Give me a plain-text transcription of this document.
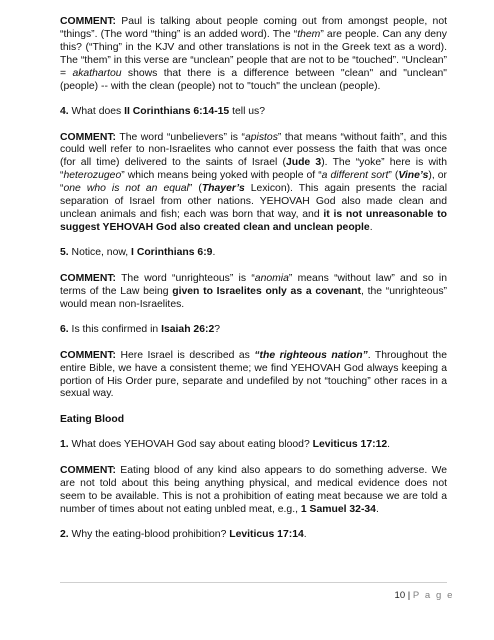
COMMENT: Paul is talking about people coming out from amongst people, not “things”. (The word “thing” is an added word). The “them” are people. Can any deny this? (“Thing” in the KJV and other translations is not in the Greek text as a word). The “them” in this verse are “unclean” people that are not to be “touched”. “Unclean” = akathartou shows that there is a difference between "clean" and "unclean" (people) -- with the clean (people) not to "touch" the unclean (people).

4. What does II Corinthians 6:14-15 tell us?

COMMENT: The word “unbelievers” is “apistos” that means “without faith”, and this could well refer to non-Israelites who cannot ever possess the faith that was once (for all time) delivered to the saints of Israel (Jude 3). The “yoke” here is with “heterozugeo” which means being yoked with people of “a different sort” (Vine’s), or “one who is not an equal” (Thayer’s Lexicon). This again presents the racial separation of Israel from other nations. YEHOVAH God also made clean and unclean animals and fish; each was born that way, and it is not unreasonable to suggest YEHOVAH God also created clean and unclean people.

5. Notice, now, I Corinthians 6:9.

COMMENT: The word “unrighteous” is “anomia” means “without law” and so in terms of the Law being given to Israelites only as a covenant, the “unrighteous” would mean non-Israelites.

6. Is this confirmed in Isaiah 26:2?

COMMENT: Here Israel is described as “the righteous nation”. Throughout the entire Bible, we have a consistent theme; we find YEHOVAH God always keeping a portion of His Order pure, separate and undefiled by not “touching” other races in a sexual way.

Eating Blood

1. What does YEHOVAH God say about eating blood? Leviticus 17:12.

COMMENT: Eating blood of any kind also appears to do something adverse. We are not told about this being anything physical, and medical evidence does not seem to be available. This is not a prohibition of eating meat because we are told a number of times about not eating unbled meat, e.g., 1 Samuel 32-34.

2. Why the eating-blood prohibition? Leviticus 17:14.

10 | P a g e
